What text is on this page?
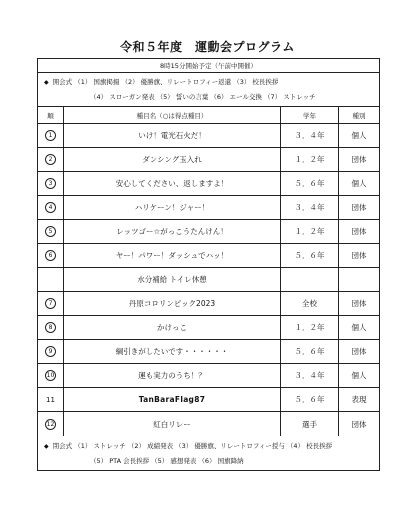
令和５年度　運動会プログラム
8時15分開始予定（午前中開催）
◆ 開会式 （1） 国旗掲揚 （2） 優勝旗、リレートロフィー返還 （3） 校長挨拶
（4） スローガン発表 （5） 誓いの言葉 （6） エール交換 （7） ストレッチ
順	種目名（○は得点種目）	学年	種別
1	いけ！電光石火だ！	３．４年	個人
2	ダンシング玉入れ	１．２年	団体
3	安心してください、返しますよ！	５．６年	個人
4	ハリケーン！ジャー！	３．４年	団体
5	レッツゴー☆がっこうたんけん！	１．２年	団体
6	ヤー！パワー！ダッシュでハッ！	５．６年	団体
水分補給 トイレ休憩
7	丹原コロリンピック2023	全校	団体
8	かけっこ	１．２年	個人
9	綱引きがしたいです・・・・・・	５．６年	団体
10	運も実力のうち！？	３．４年	個人
11	TanBaraFlag87	５．６年	表現
12	紅白リレー	選手	団体
◆ 閉会式 （1） ストレッチ （2） 成績発表 （3） 優勝旗、リレートロフィー授与 （4） 校長挨拶
（5） PTA 会長挨拶 （5） 感想発表 （6） 国旗降納
